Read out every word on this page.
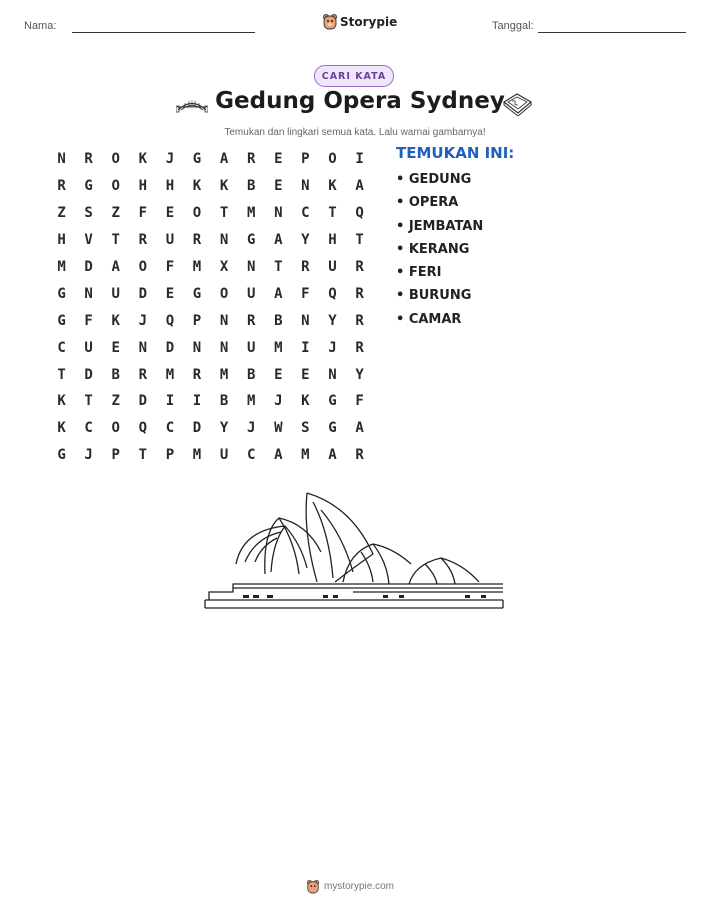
Nama:	Storypie	Tanggal:
CARI KATA
Gedung Opera Sydney
Temukan dan lingkari semua kata. Lalu warnai gambarnya!
N	R	O	K	J	G	A	R	E	P	O	I
R	G	O	H	H	K	K	B	E	N	K	A
Z	S	Z	F	E	O	T	M	N	C	T	Q
H	V	T	R	U	R	N	G	A	Y	H	T
M	D	A	O	F	M	X	N	T	R	U	R
G	N	U	D	E	G	O	U	A	F	Q	R
G	F	K	J	Q	P	N	R	B	N	Y	R
C	U	E	N	D	N	N	U	M	I	J	R
T	D	B	R	M	R	M	B	E	E	N	Y
K	T	Z	D	I	I	B	M	J	K	G	F
K	C	O	Q	C	D	Y	J	W	S	G	A
G	J	P	T	P	M	U	C	A	M	A	R
TEMUKAN INI:
• GEDUNG
• OPERA
• JEMBATAN
• KERANG
• FERI
• BURUNG
• CAMAR
mystorypie.com
